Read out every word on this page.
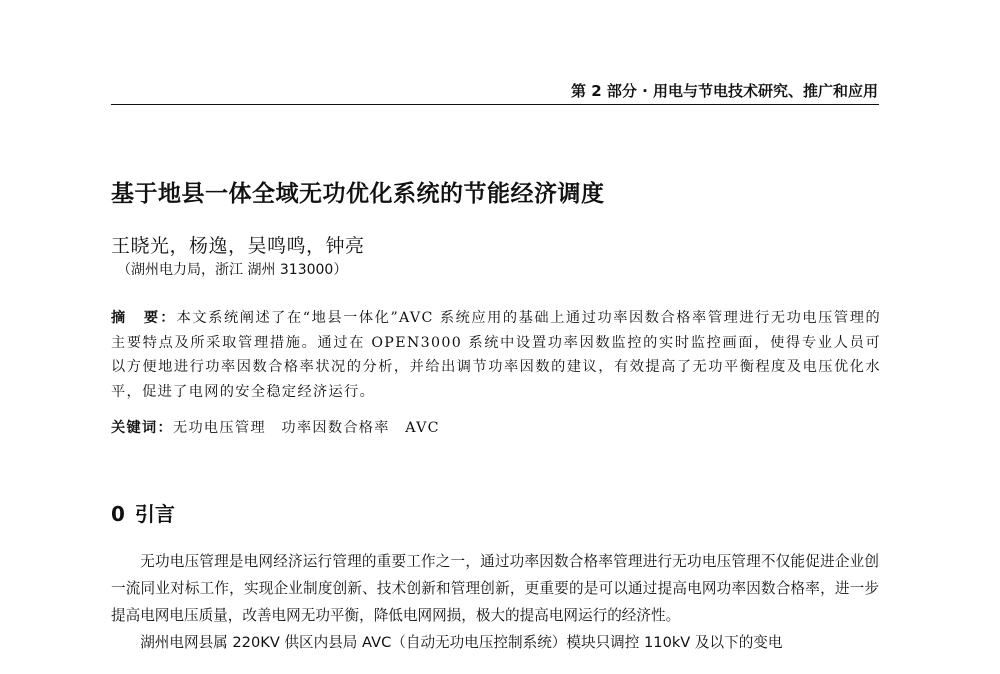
第 2 部分 · 用电与节电技术研究、推广和应用
基于地县一体全域无功优化系统的节能经济调度
王晓光，杨逸，吴鸣鸣，钟亮
（湖州电力局，浙江 湖州 313000）
摘　要：本文系统阐述了在“地县一体化”AVC 系统应用的基础上通过功率因数合格率管理进行无功电压管理的主要特点及所采取管理措施。通过在 OPEN3000 系统中设置功率因数监控的实时监控画面，使得专业人员可以方便地进行功率因数合格率状况的分析，并给出调节功率因数的建议，有效提高了无功平衡程度及电压优化水平，促进了电网的安全稳定经济运行。
关键词：无功电压管理　功率因数合格率　AVC
0 引言

无功电压管理是电网经济运行管理的重要工作之一，通过功率因数合格率管理进行无功电压管理不仅能促进企业创一流同业对标工作，实现企业制度创新、技术创新和管理创新，更重要的是可以通过提高电网功率因数合格率，进一步提高电网电压质量，改善电网无功平衡，降低电网网损，极大的提高电网运行的经济性。

湖州电网县属 220KV 供区内县局 AVC（自动无功电压控制系统）模块只调控 110kV 及以下的变电
